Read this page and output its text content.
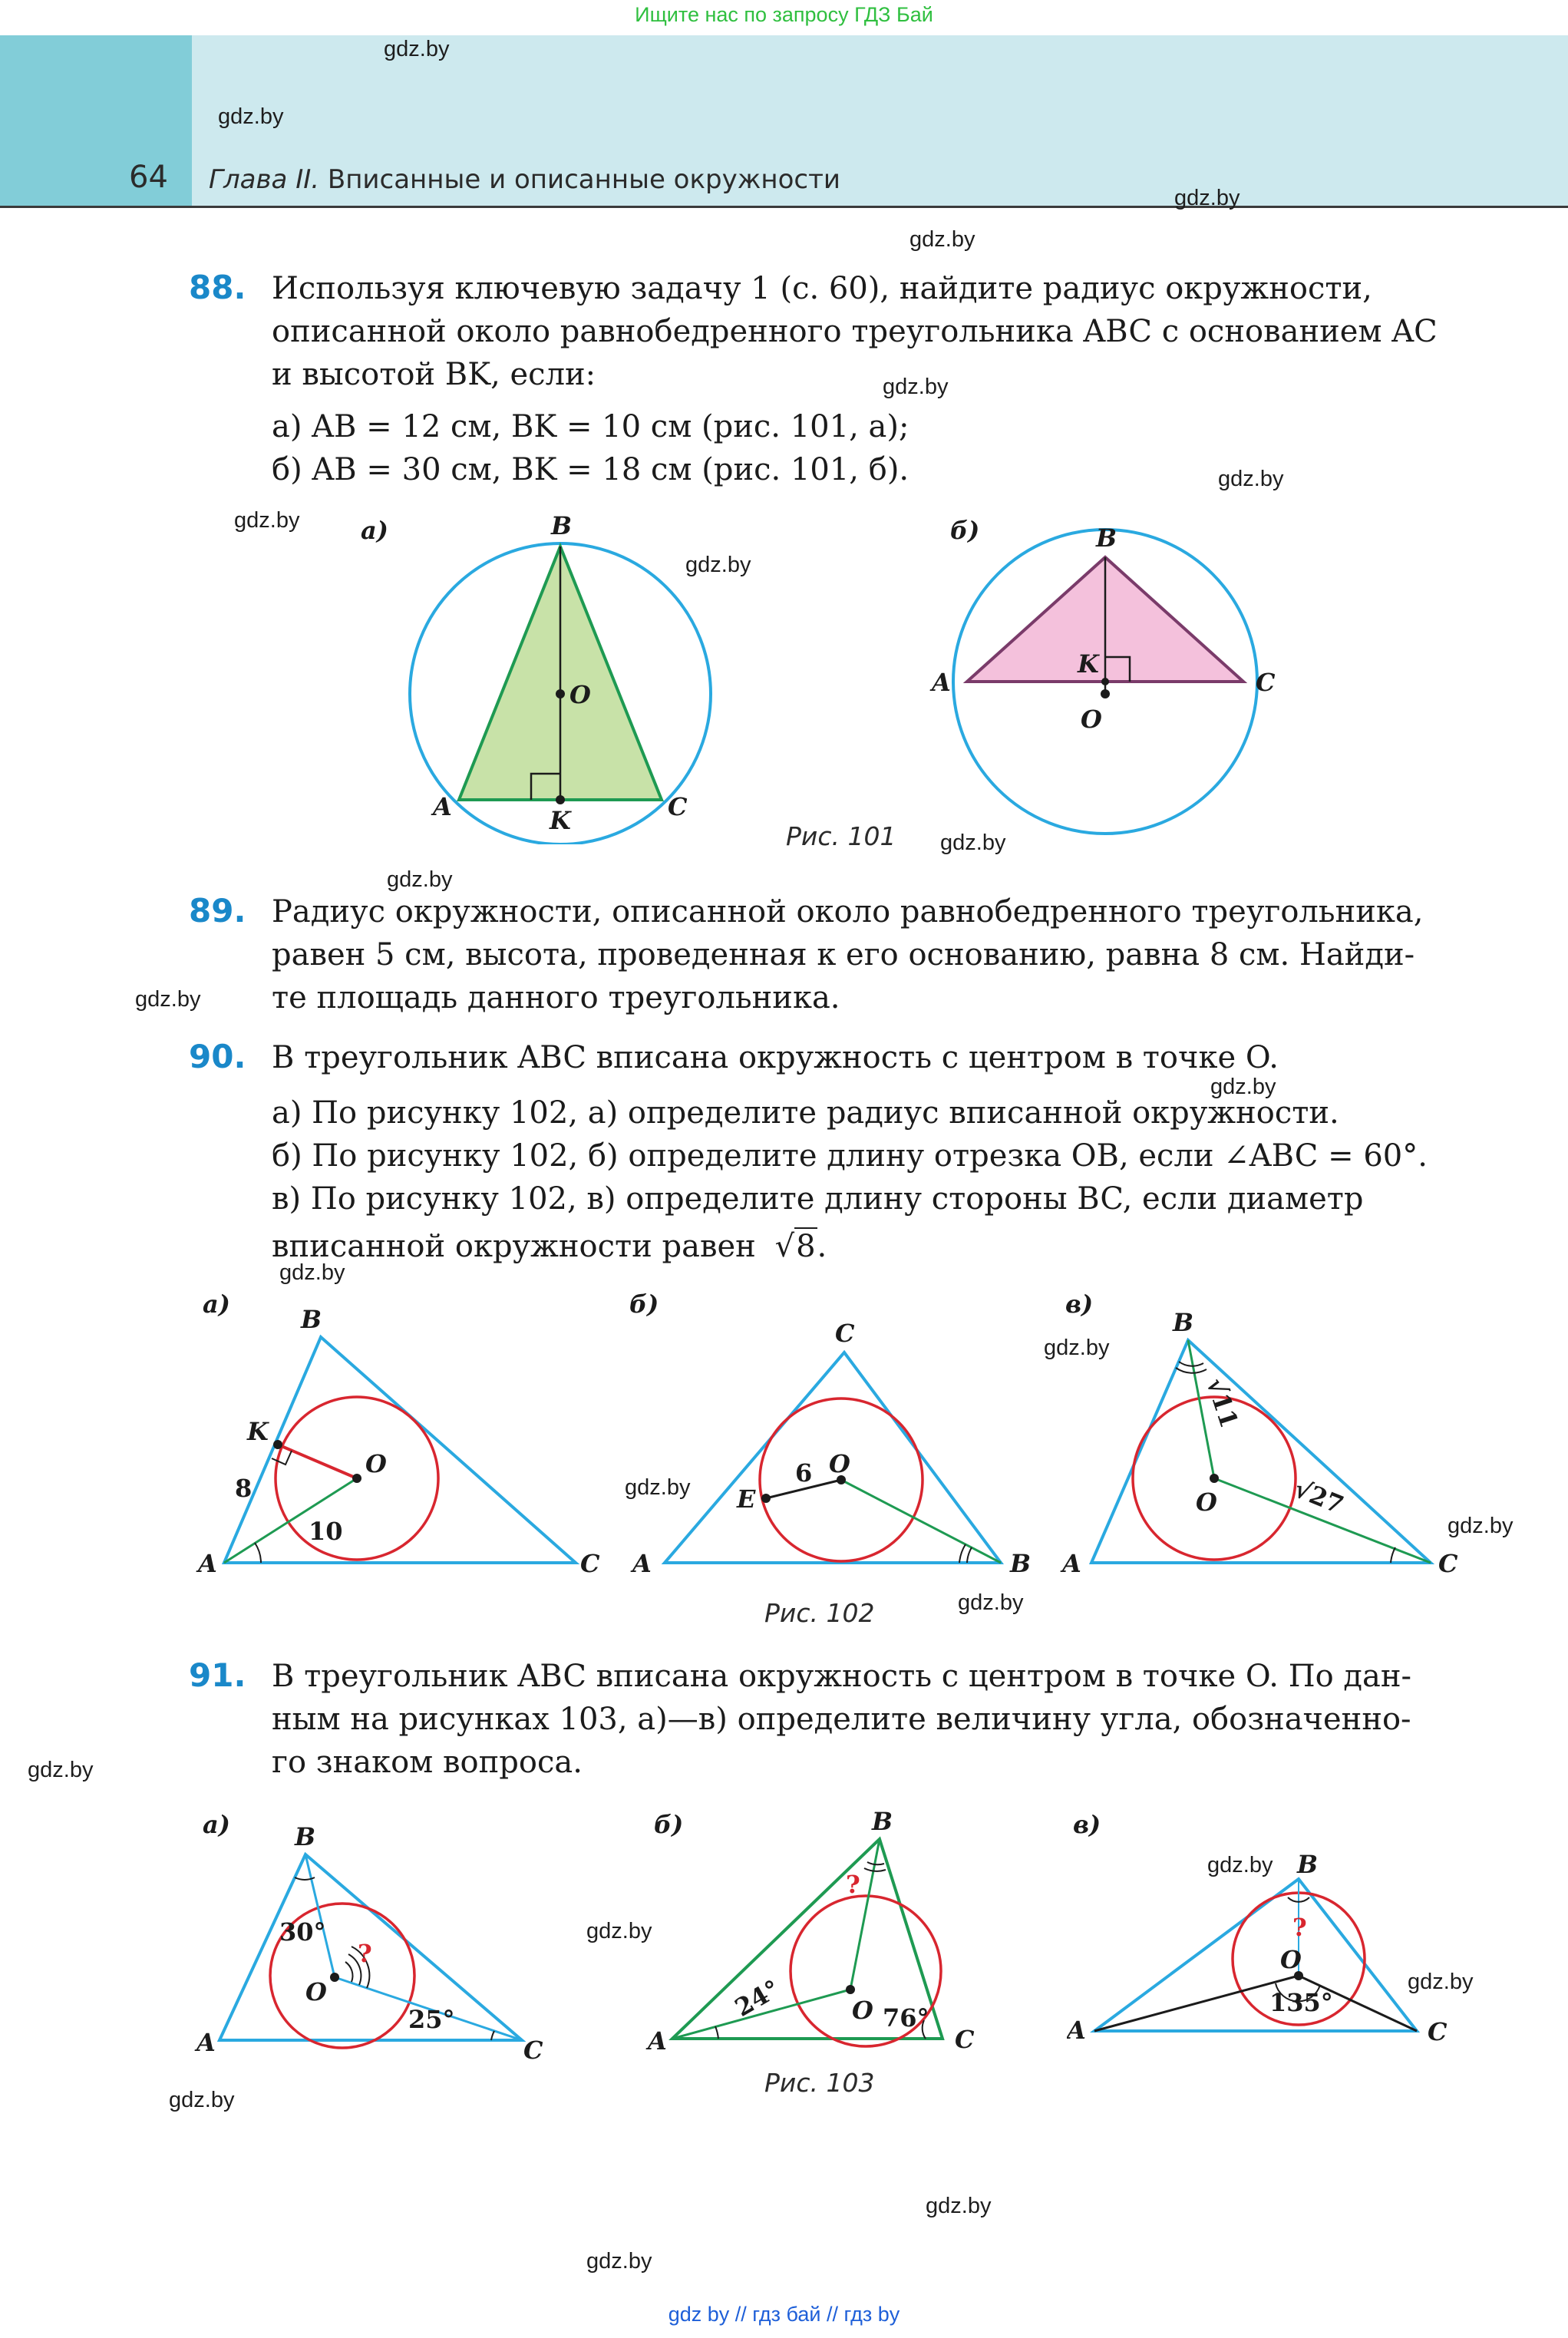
Ищите нас по запросу ГДЗ Бай
64 Глава II. Вписанные и описанные окружности
gdz.by
gdz.by
gdz.by
gdz.by
gdz.by
gdz.by
gdz.by
gdz.by
gdz.by
gdz.by
gdz.by
gdz.by
gdz.by
gdz.by
gdz.by
gdz.by
gdz.by
gdz.by
gdz.by
gdz.by
gdz.by
gdz.by
gdz.by
gdz.by
88. Используя ключевую задачу 1 (с. 60), найдите радиус окружности,
описанной около равнобедренного треугольника ABC с основанием AC
и высотой BK, если:
а) AB = 12 см, BK = 10 см (рис. 101, а);
б) AB = 30 см, BK = 18 см (рис. 101, б).
B
O
A	C
K
а)	B
A	C
K
O
б)
Рис. 101
89. Радиус окружности, описанной около равнобедренного треугольника,
равен 5 см, высота, проведенная к его основанию, равна 8 см. Найди-
те площадь данного треугольника.
90. В треугольник ABC вписана окружность с центром в точке O.
а) По рисунку 102, а) определите радиус вписанной окружности.
б) По рисунку 102, б) определите длину отрезка OB, если ∠ABC = 60°.
в) По рисунку 102, в) определите длину стороны BC, если диаметр
вписанной окружности равен √8.
B
K
O
A	C
8
10
а)
C
E
O
A	B
6
б)
B
O
A	C
√11
√27
в)
Рис. 102
91. В треугольник ABC вписана окружность с центром в точке O. По дан-
ным на рисунках 103, а)—в) определите величину угла, обозначенно-
го знаком вопроса.
B
O
A	C
30°
25°
?
а)	B
O
A	C
24°	76°
?
б)
B
O
A	C
135°
?
в)
Рис. 103
gdz by // гдз бай // гдз by
